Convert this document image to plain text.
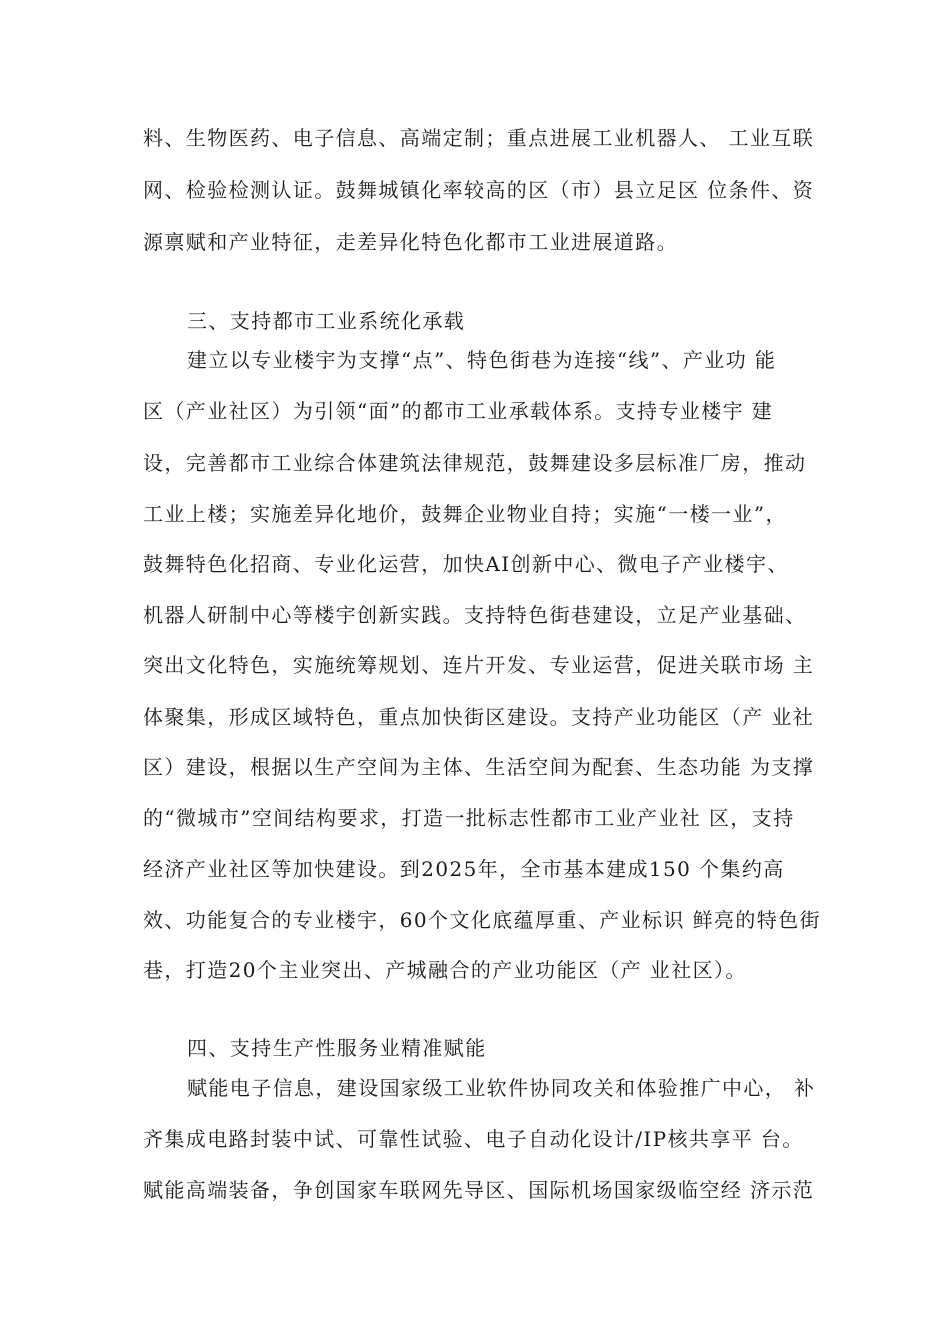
料、生物医药、电子信息、高端定制；重点进展工业机器人、 工业互联
网、检验检测认证。鼓舞城镇化率较高的区（市）县立足区 位条件、资
源禀赋和产业特征，走差异化特色化都市工业进展道路。
三、支持都市工业系统化承载
建立以专业楼宇为支撑“点”、特色街巷为连接“线”、产业功 能
区（产业社区）为引领“面”的都市工业承载体系。支持专业楼宇 建
设，完善都市工业综合体建筑法律规范，鼓舞建设多层标准厂房，推动
工业上楼；实施差异化地价，鼓舞企业物业自持；实施“一楼一业”，
鼓舞特色化招商、专业化运营，加快AI创新中心、微电子产业楼宇、
机器人研制中心等楼宇创新实践。支持特色街巷建设，立足产业基础、
突出文化特色，实施统筹规划、连片开发、专业运营，促进关联市场 主
体聚集，形成区域特色，重点加快街区建设。支持产业功能区（产 业社
区）建设，根据以生产空间为主体、生活空间为配套、生态功能 为支撑
的“微城市”空间结构要求，打造一批标志性都市工业产业社 区，支持
经济产业社区等加快建设。到2025年，全市基本建成150 个集约高
效、功能复合的专业楼宇，60个文化底蕴厚重、产业标识 鲜亮的特色街
巷，打造20个主业突出、产城融合的产业功能区（产 业社区）。
四、支持生产性服务业精准赋能
赋能电子信息，建设国家级工业软件协同攻关和体验推广中心， 补
齐集成电路封装中试、可靠性试验、电子自动化设计/IP核共享平 台。
赋能高端装备，争创国家车联网先导区、国际机场国家级临空经 济示范
